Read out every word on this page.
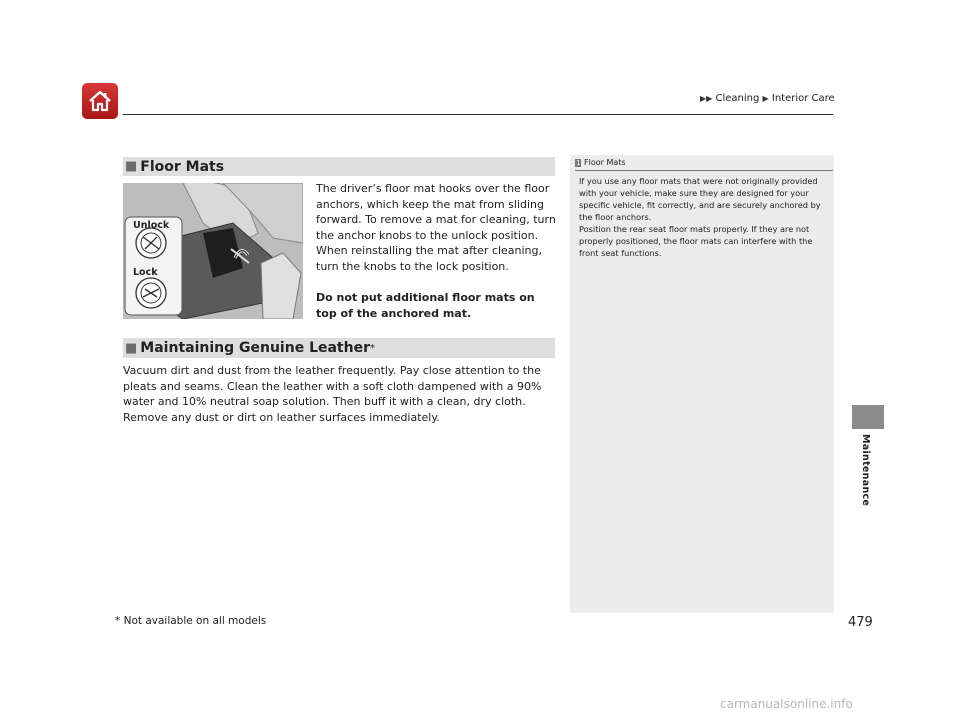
▶▶ Cleaning ▶ Interior Care
Maintenance
■ Floor Mats
Unlock
Lock
The driver’s floor mat hooks over the floor anchors, which keep the mat from sliding forward. To remove a mat for cleaning, turn the anchor knobs to the unlock position. When reinstalling the mat after cleaning, turn the knobs to the lock position.
Do not put additional floor mats on top of the anchored mat.
■ Maintaining Genuine Leather *
Vacuum dirt and dust from the leather frequently. Pay close attention to the pleats and seams. Clean the leather with a soft cloth dampened with a 90% water and 10% neutral soap solution. Then buff it with a clean, dry cloth. Remove any dust or dirt on leather surfaces immediately.
1 Floor Mats
If you use any floor mats that were not originally provided with your vehicle, make sure they are designed for your specific vehicle, fit correctly, and are securely anchored by the floor anchors.
Position the rear seat floor mats properly. If they are not properly positioned, the floor mats can interfere with the front seat functions.
* Not available on all models	479
carmanualsonline.info
